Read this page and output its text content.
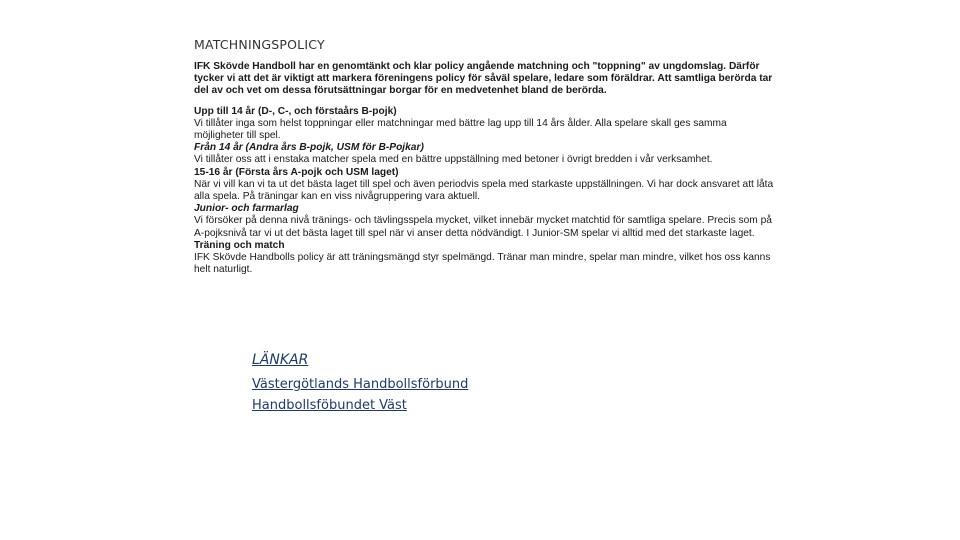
MATCHNINGSPOLICY

IFK Skövde Handboll har en genomtänkt och klar policy angående matchning och "toppning" av ungdomslag. Därför tycker vi att det är viktigt att markera föreningens policy för såväl spelare, ledare som föräldrar. Att samtliga berörda tar del av och vet om dessa förutsättningar borgar för en medvetenhet bland de berörda.

Upp till 14 år (D-, C-, och förstaårs B-pojk)

Vi tillåter inga som helst toppningar eller matchningar med bättre lag upp till 14 års ålder. Alla spelare skall ges samma möjligheter till spel.

Från 14 år (Andra års B-pojk, USM för B-Pojkar)

Vi tillåter oss att i enstaka matcher spela med en bättre uppställning med betoner i övrigt bredden i vår verksamhet.

15-16 år (Första års A-pojk och USM laget)

När vi vill kan vi ta ut det bästa laget till spel och även periodvis spela med starkaste uppställningen. Vi har dock ansvaret att låta alla spela. På träningar kan en viss nivågruppering vara aktuell.

Junior- och farmarlag

Vi försöker på denna nivå tränings- och tävlingsspela mycket, vilket innebär mycket matchtid för samtliga spelare. Precis som på A-pojksnivå tar vi ut det bästa laget till spel när vi anser detta nödvändigt. I Junior-SM spelar vi alltid med det starkaste laget.

Träning och match

IFK Skövde Handbolls policy är att träningsmängd styr spelmängd. Tränar man mindre, spelar man mindre, vilket hos oss kanns helt naturligt.

LÄNKAR
Västergötlands Handbollsförbund
Handbollsföbundet Väst
